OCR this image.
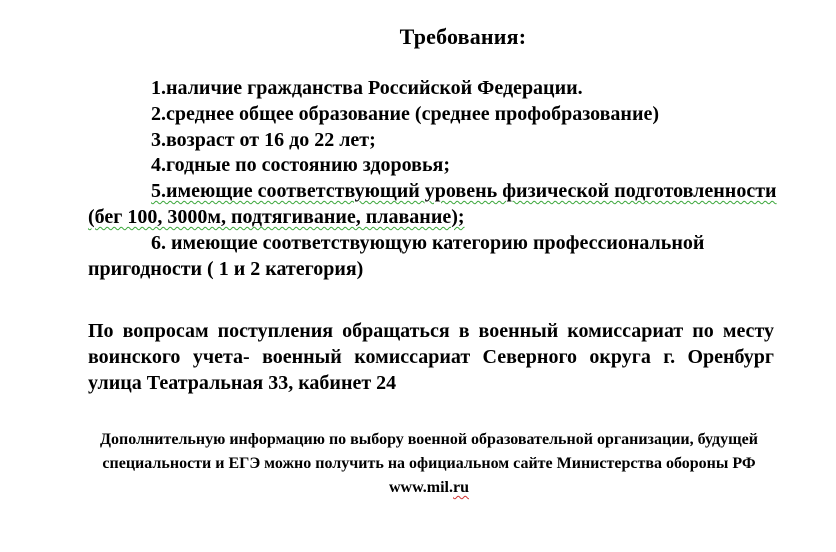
Требования:

1.наличие гражданства Российской Федерации.

2.среднее общее образование (среднее профобразование)

3.возраст от 16 до 22 лет;

4.годные по состоянию здоровья;

5.имеющие соответствующий уровень физической подготовленности (бег 100, 3000м, подтягивание, плавание);

6. имеющие соответствующую категорию профессиональной пригодности ( 1 и 2 категория)

По вопросам поступления обращаться в военный комиссариат по месту воинского учета- военный комиссариат Северного округа г. Оренбург улица Театральная 33, кабинет 24
Дополнительную информацию по выбору военной образовательной организации, будущей специальности и ЕГЭ можно получить на официальном сайте Министерства обороны РФ www.mil.ru
